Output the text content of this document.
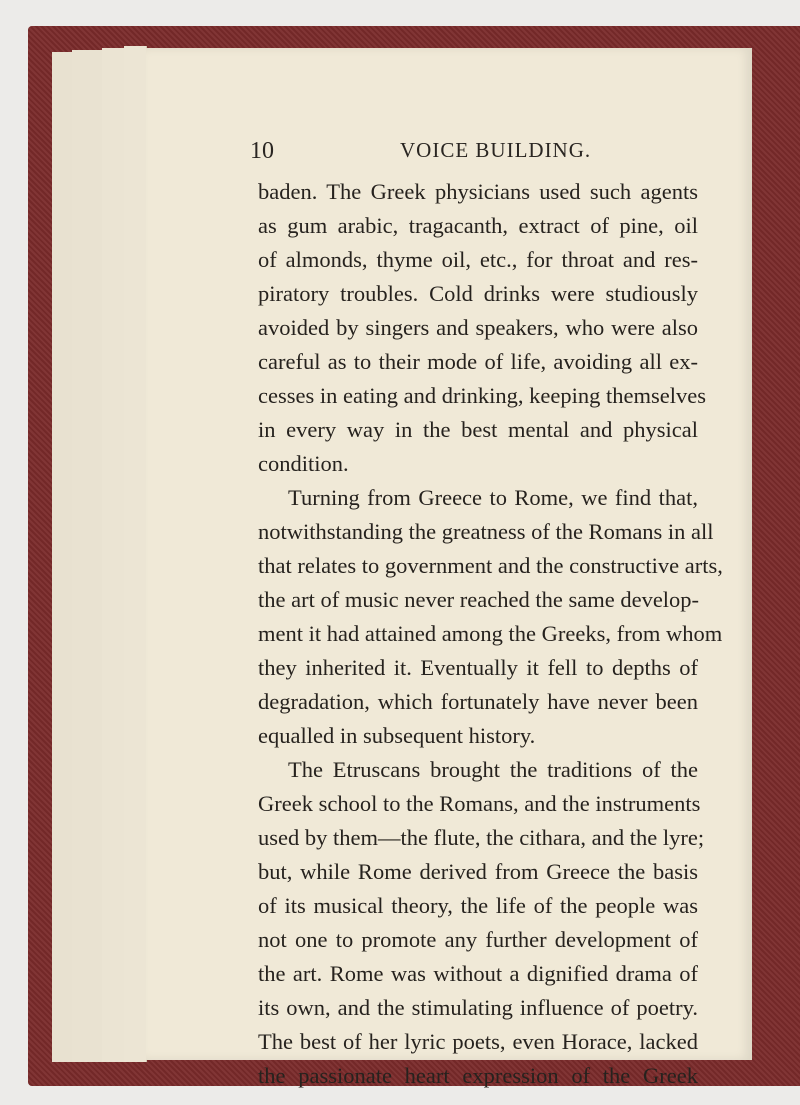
10	VOICE BUILDING.
baden. The Greek physicians used such agents
as gum arabic, tragacanth, extract of pine, oil
of almonds, thyme oil, etc., for throat and res-
piratory troubles. Cold drinks were studiously
avoided by singers and speakers, who were also
careful as to their mode of life, avoiding all ex-
cesses in eating and drinking, keeping themselves
in every way in the best mental and physical
condition.
Turning from Greece to Rome, we find that,
notwithstanding the greatness of the Romans in all
that relates to government and the constructive arts,
the art of music never reached the same develop-
ment it had attained among the Greeks, from whom
they inherited it. Eventually it fell to depths of
degradation, which fortunately have never been
equalled in subsequent history.
The Etruscans brought the traditions of the
Greek school to the Romans, and the instruments
used by them—the flute, the cithara, and the lyre;
but, while Rome derived from Greece the basis
of its musical theory, the life of the people was
not one to promote any further development of
the art. Rome was without a dignified drama of
its own, and the stimulating influence of poetry.
The best of her lyric poets, even Horace, lacked
the passionate heart expression of the Greek
